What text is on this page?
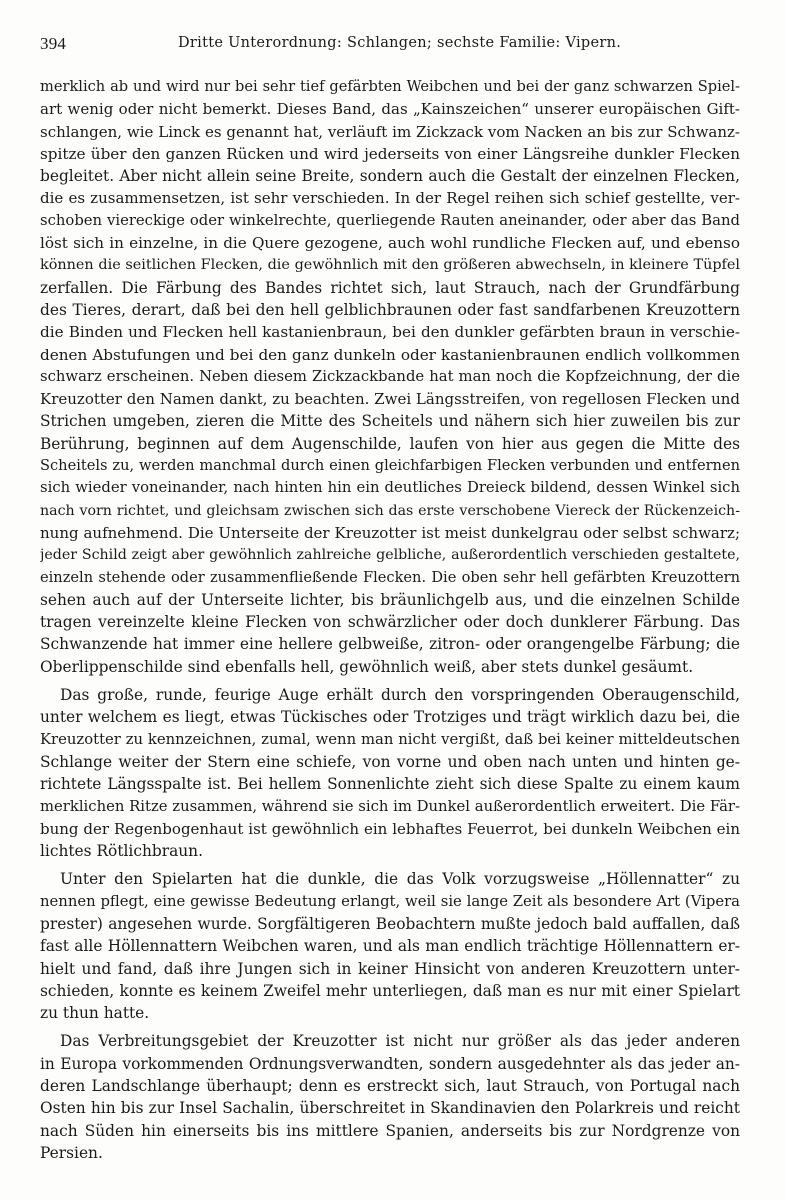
394	Dritte Unterordnung: Schlangen; sechste Familie: Vipern.
merklich ab und wird nur bei sehr tief gefärbten Weibchen und bei der ganz schwarzen Spiel-
art wenig oder nicht bemerkt. Dieses Band, das „Kainszeichen“ unserer europäischen Gift-
schlangen, wie Linck es genannt hat, verläuft im Zickzack vom Nacken an bis zur Schwanz-
spitze über den ganzen Rücken und wird jederseits von einer Längsreihe dunkler Flecken
begleitet. Aber nicht allein seine Breite, sondern auch die Gestalt der einzelnen Flecken,
die es zusammensetzen, ist sehr verschieden. In der Regel reihen sich schief gestellte, ver-
schoben viereckige oder winkelrechte, querliegende Rauten aneinander, oder aber das Band
löst sich in einzelne, in die Quere gezogene, auch wohl rundliche Flecken auf, und ebenso
können die seitlichen Flecken, die gewöhnlich mit den größeren abwechseln, in kleinere Tüpfel
zerfallen. Die Färbung des Bandes richtet sich, laut Strauch, nach der Grundfärbung
des Tieres, derart, daß bei den hell gelblichbraunen oder fast sandfarbenen Kreuzottern
die Binden und Flecken hell kastanienbraun, bei den dunkler gefärbten braun in verschie-
denen Abstufungen und bei den ganz dunkeln oder kastanienbraunen endlich vollkommen
schwarz erscheinen. Neben diesem Zickzackbande hat man noch die Kopfzeichnung, der die
Kreuzotter den Namen dankt, zu beachten. Zwei Längsstreifen, von regellosen Flecken und
Strichen umgeben, zieren die Mitte des Scheitels und nähern sich hier zuweilen bis zur
Berührung, beginnen auf dem Augenschilde, laufen von hier aus gegen die Mitte des
Scheitels zu, werden manchmal durch einen gleichfarbigen Flecken verbunden und entfernen
sich wieder voneinander, nach hinten hin ein deutliches Dreieck bildend, dessen Winkel sich
nach vorn richtet, und gleichsam zwischen sich das erste verschobene Viereck der Rückenzeich-
nung aufnehmend. Die Unterseite der Kreuzotter ist meist dunkelgrau oder selbst schwarz;
jeder Schild zeigt aber gewöhnlich zahlreiche gelbliche, außerordentlich verschieden gestaltete,
einzeln stehende oder zusammenfließende Flecken. Die oben sehr hell gefärbten Kreuzottern
sehen auch auf der Unterseite lichter, bis bräunlichgelb aus, und die einzelnen Schilde
tragen vereinzelte kleine Flecken von schwärzlicher oder doch dunklerer Färbung. Das
Schwanzende hat immer eine hellere gelbweiße, zitron- oder orangengelbe Färbung; die
Oberlippenschilde sind ebenfalls hell, gewöhnlich weiß, aber stets dunkel gesäumt.
Das große, runde, feurige Auge erhält durch den vorspringenden Oberaugenschild,
unter welchem es liegt, etwas Tückisches oder Trotziges und trägt wirklich dazu bei, die
Kreuzotter zu kennzeichnen, zumal, wenn man nicht vergißt, daß bei keiner mitteldeutschen
Schlange weiter der Stern eine schiefe, von vorne und oben nach unten und hinten ge-
richtete Längsspalte ist. Bei hellem Sonnenlichte zieht sich diese Spalte zu einem kaum
merklichen Ritze zusammen, während sie sich im Dunkel außerordentlich erweitert. Die Fär-
bung der Regenbogenhaut ist gewöhnlich ein lebhaftes Feuerrot, bei dunkeln Weibchen ein
lichtes Rötlichbraun.
Unter den Spielarten hat die dunkle, die das Volk vorzugsweise „Höllennatter“ zu
nennen pflegt, eine gewisse Bedeutung erlangt, weil sie lange Zeit als besondere Art (Vipera
prester) angesehen wurde. Sorgfältigeren Beobachtern mußte jedoch bald auffallen, daß
fast alle Höllennattern Weibchen waren, und als man endlich trächtige Höllennattern er-
hielt und fand, daß ihre Jungen sich in keiner Hinsicht von anderen Kreuzottern unter-
schieden, konnte es keinem Zweifel mehr unterliegen, daß man es nur mit einer Spielart
zu thun hatte.
Das Verbreitungsgebiet der Kreuzotter ist nicht nur größer als das jeder anderen
in Europa vorkommenden Ordnungsverwandten, sondern ausgedehnter als das jeder an-
deren Landschlange überhaupt; denn es erstreckt sich, laut Strauch, von Portugal nach
Osten hin bis zur Insel Sachalin, überschreitet in Skandinavien den Polarkreis und reicht
nach Süden hin einerseits bis ins mittlere Spanien, anderseits bis zur Nordgrenze von
Persien.
